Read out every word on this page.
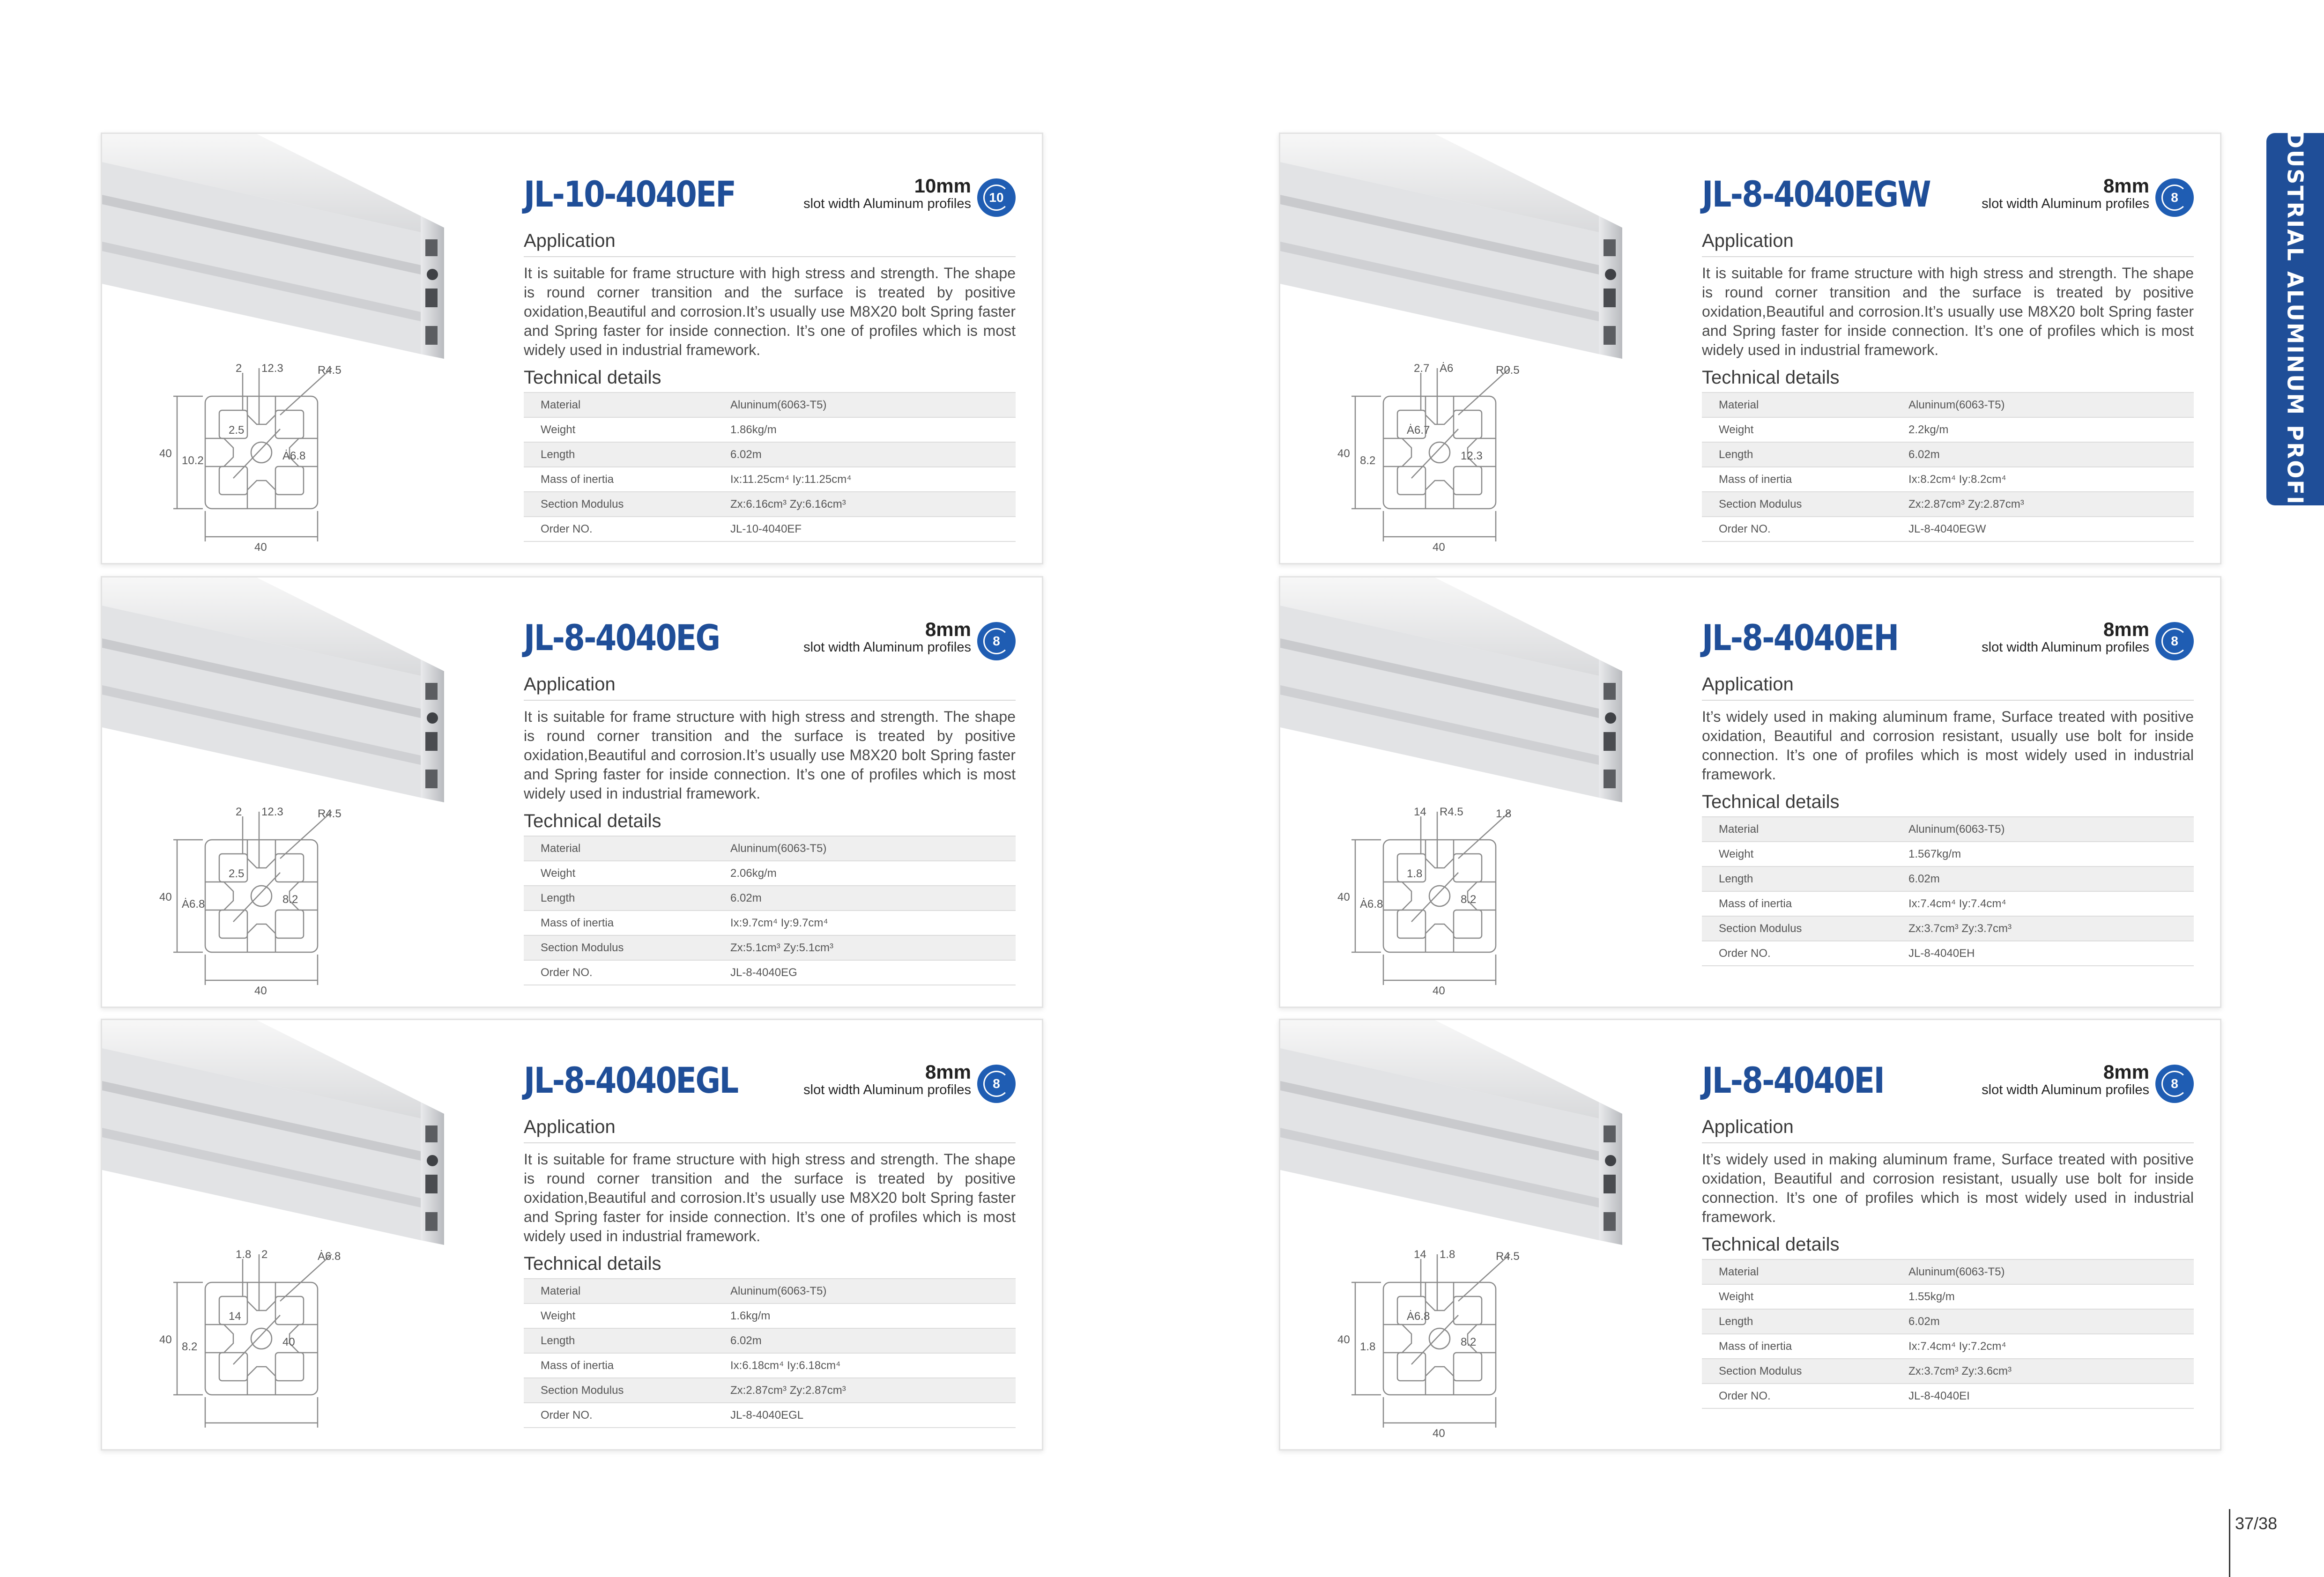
2 12.3	R4.5
10.2
2.5
Ȧ6.8
40
40
JL-10-4040EF	10mm
slot width Aluminum profiles	10
Application
It is suitable for frame structure with high stress and strength. The shape is round corner transition and the surface is treated by positive oxidation,Beautiful and corrosion.It’s usually use M8X20 bolt Spring faster and Spring faster for inside connection. It’s one of profiles which is most widely used in industrial framework.
Technical details
Material	Aluninum(6063-T5)
Weight	1.86kg/m
Length	6.02m
Mass of inertia	Ix:11.25cm⁴ Iy:11.25cm⁴
Section Modulus	Zx:6.16cm³ Zy:6.16cm³
Order NO.	JL-10-4040EF
2.7 Ȧ6	R0.5
8.2
Ȧ6.7
12.3
40
40
JL-8-4040EGW	8mm
slot width Aluminum profiles	8
Application
It is suitable for frame structure with high stress and strength. The shape is round corner transition and the surface is treated by positive oxidation,Beautiful and corrosion.It’s usually use M8X20 bolt Spring faster and Spring faster for inside connection. It’s one of profiles which is most widely used in industrial framework.
Technical details
Material	Aluninum(6063-T5)
Weight	2.2kg/m
Length	6.02m
Mass of inertia	Ix:8.2cm⁴ Iy:8.2cm⁴
Section Modulus	Zx:2.87cm³ Zy:2.87cm³
Order NO.	JL-8-4040EGW
2 12.3	R4.5
Ȧ6.8
2.5
8.2
40
40
JL-8-4040EG	8mm
slot width Aluminum profiles	8
Application
It is suitable for frame structure with high stress and strength. The shape is round corner transition and the surface is treated by positive oxidation,Beautiful and corrosion.It’s usually use M8X20 bolt Spring faster and Spring faster for inside connection. It’s one of profiles which is most widely used in industrial framework.
Technical details
Material	Aluninum(6063-T5)
Weight	2.06kg/m
Length	6.02m
Mass of inertia	Ix:9.7cm⁴ Iy:9.7cm⁴
Section Modulus	Zx:5.1cm³ Zy:5.1cm³
Order NO.	JL-8-4040EG
14 R4.5	1.8
Ȧ6.8
1.8
8.2
40
40
JL-8-4040EH	8mm
slot width Aluminum profiles	8
Application
It’s widely used in making aluminum frame, Surface treated with positive oxidation, Beautiful and corrosion resistant, usually use bolt for inside connection. It’s one of profiles which is most widely used in industrial framework.
Technical details
Material	Aluninum(6063-T5)
Weight	1.567kg/m
Length	6.02m
Mass of inertia	Ix:7.4cm⁴ Iy:7.4cm⁴
Section Modulus	Zx:3.7cm³ Zy:3.7cm³
Order NO.	JL-8-4040EH
1.8 2	Ȧ6.8
8.2
14
40
40
JL-8-4040EGL	8mm
slot width Aluminum profiles	8
Application
It is suitable for frame structure with high stress and strength. The shape is round corner transition and the surface is treated by positive oxidation,Beautiful and corrosion.It’s usually use M8X20 bolt Spring faster and Spring faster for inside connection. It’s one of profiles which is most widely used in industrial framework.
Technical details
Material	Aluninum(6063-T5)
Weight	1.6kg/m
Length	6.02m
Mass of inertia	Ix:6.18cm⁴ Iy:6.18cm⁴
Section Modulus	Zx:2.87cm³ Zy:2.87cm³
Order NO.	JL-8-4040EGL
14 1.8	R4.5
1.8
Ȧ6.8
8.2
40
40
JL-8-4040EI	8mm
slot width Aluminum profiles	8
Application
It’s widely used in making aluminum frame, Surface treated with positive oxidation, Beautiful and corrosion resistant, usually use bolt for inside connection. It’s one of profiles which is most widely used in industrial framework.
Technical details
Material	Aluninum(6063-T5)
Weight	1.55kg/m
Length	6.02m
Mass of inertia	Ix:7.4cm⁴ Iy:7.2cm⁴
Section Modulus	Zx:3.7cm³ Zy:3.6cm³
Order NO.	JL-8-4040EI
INDUSTRIAL ALUMINUM PROFILE
37/38
